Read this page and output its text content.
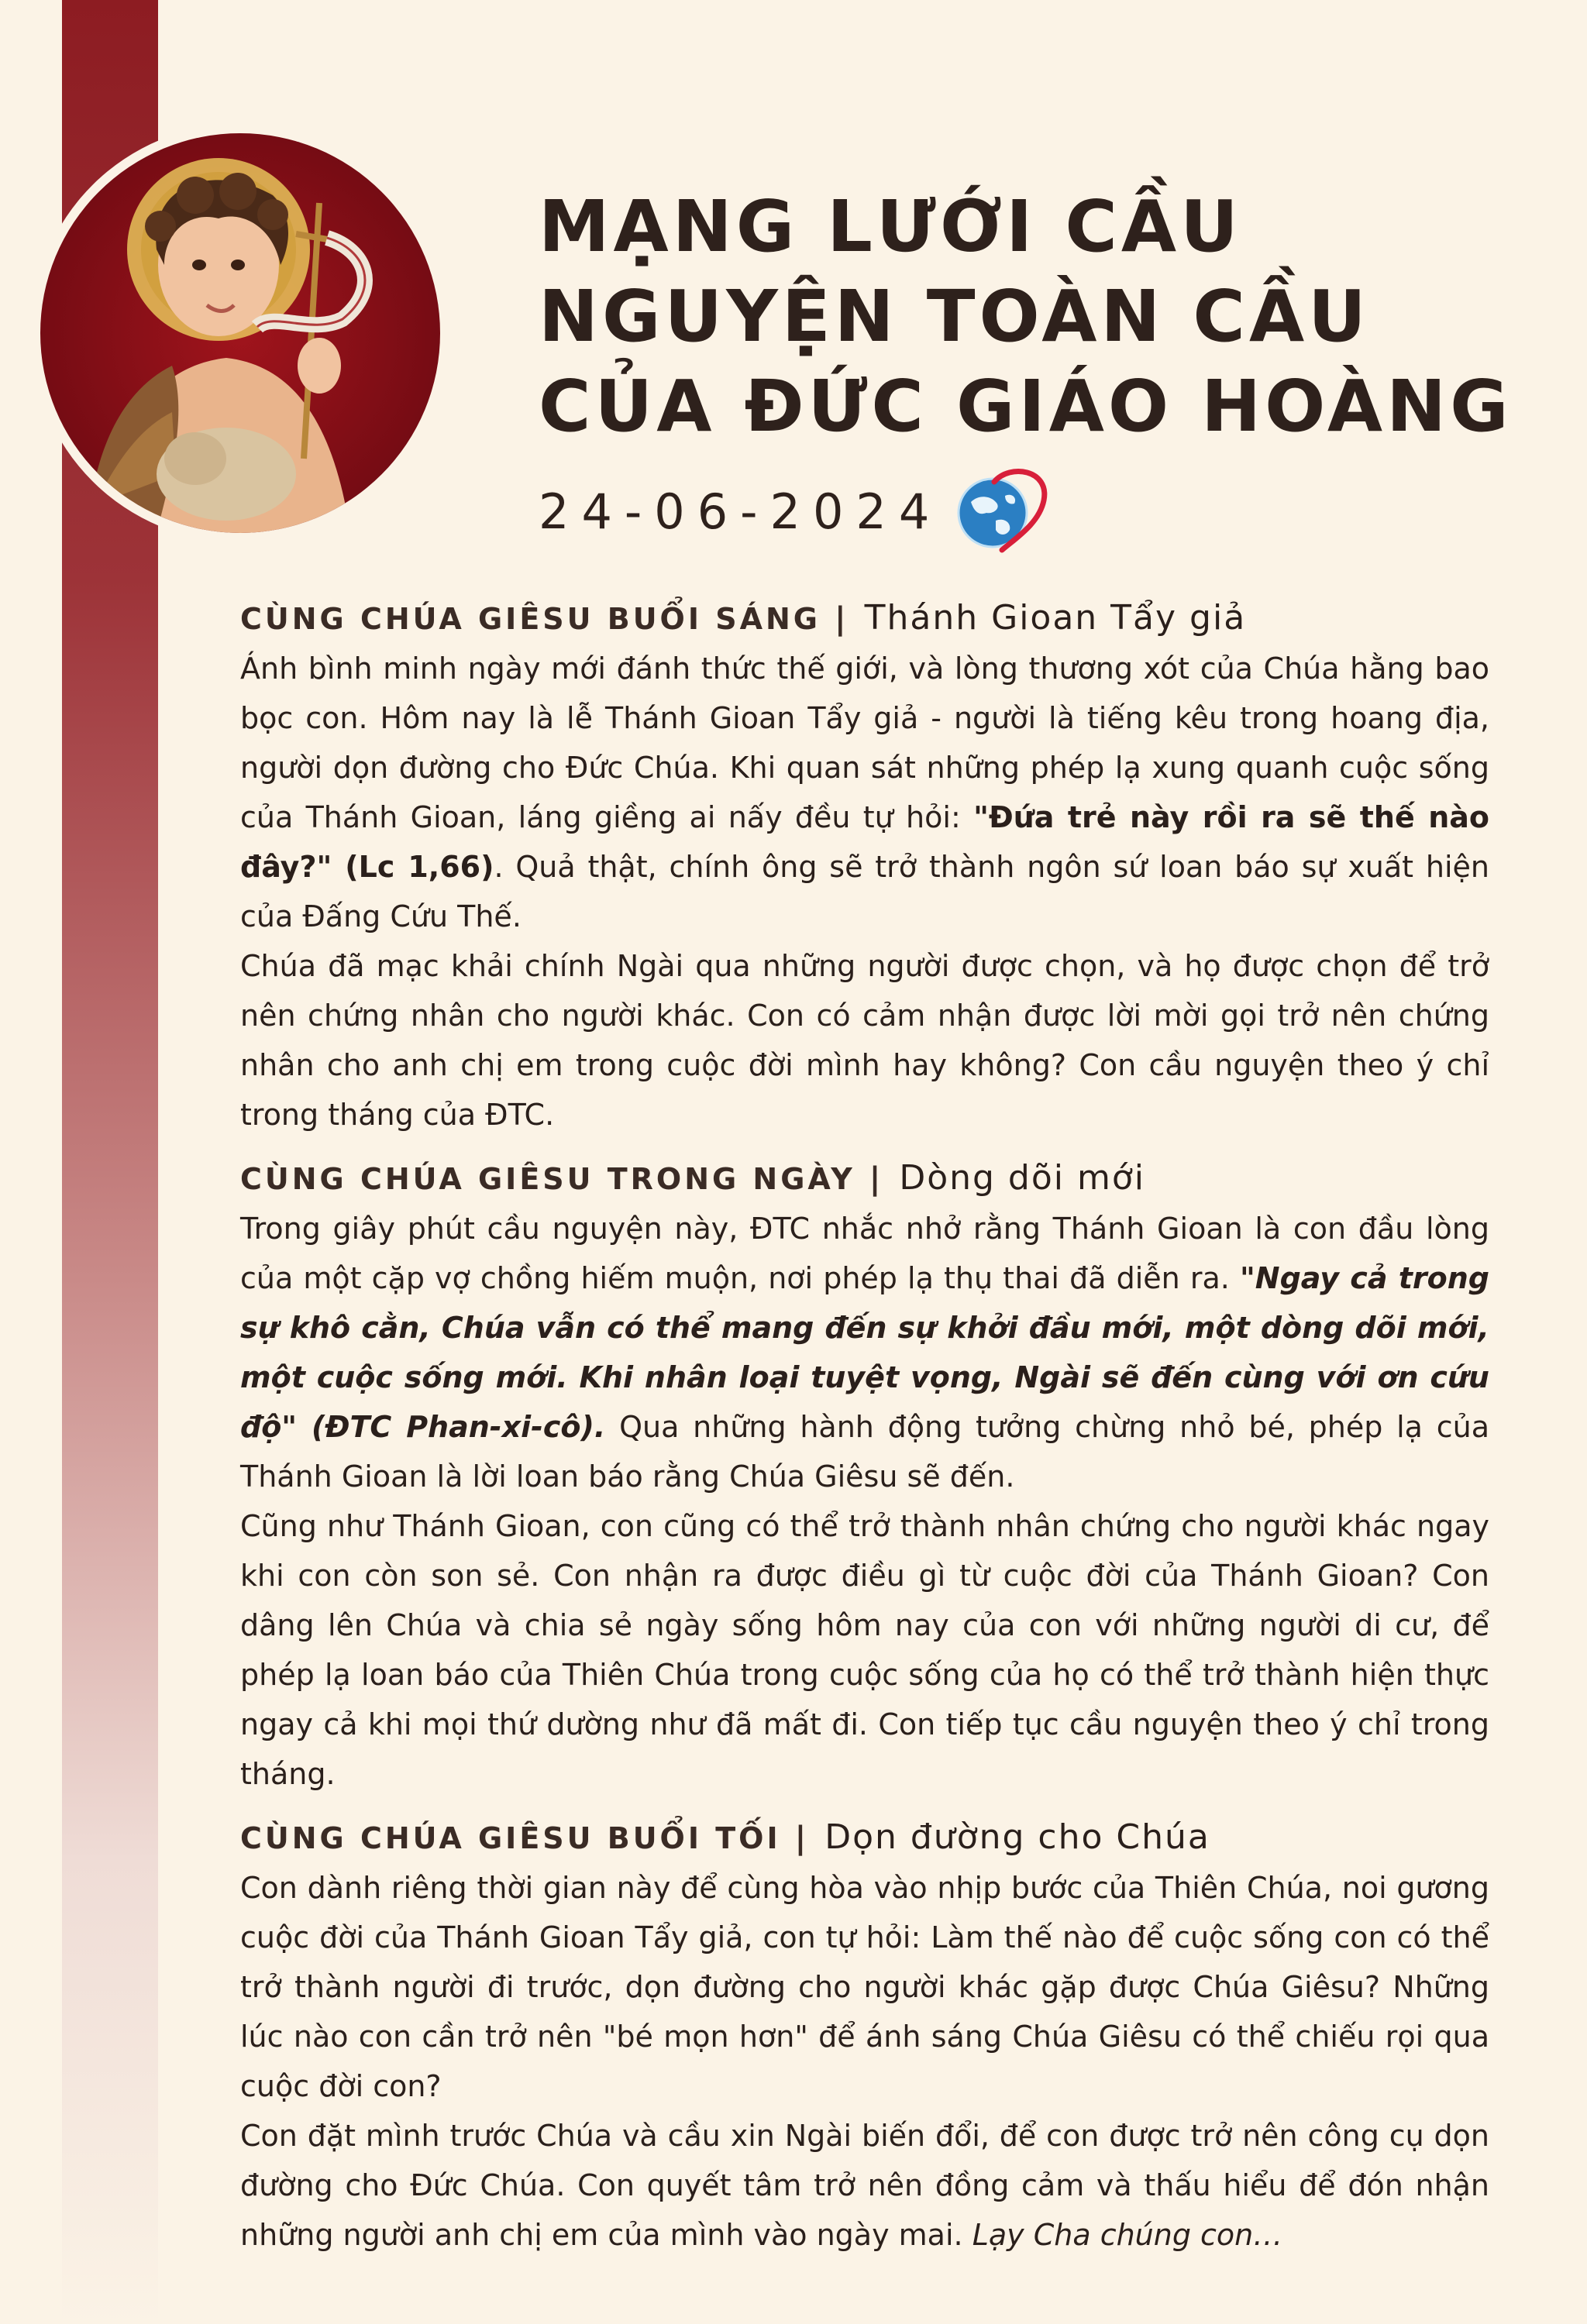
MẠNG LƯỚI CẦU
NGUYỆN TOÀN CẦU
CỦA ĐỨC GIÁO HOÀNG
24-06-2024
CÙNG CHÚA GIÊSU BUỔI SÁNG | Thánh Gioan Tẩy giả

Ánh bình minh ngày mới đánh thức thế giới, và lòng thương xót của Chúa hằng bao bọc con. Hôm nay là lễ Thánh Gioan Tẩy giả - người là tiếng kêu trong hoang địa, người dọn đường cho Đức Chúa. Khi quan sát những phép lạ xung quanh cuộc sống của Thánh Gioan, láng giềng ai nấy đều tự hỏi: "Đứa trẻ này rồi ra sẽ thế nào đây?" (Lc 1,66). Quả thật, chính ông sẽ trở thành ngôn sứ loan báo sự xuất hiện của Đấng Cứu Thế.

Chúa đã mạc khải chính Ngài qua những người được chọn, và họ được chọn để trở nên chứng nhân cho người khác. Con có cảm nhận được lời mời gọi trở nên chứng nhân cho anh chị em trong cuộc đời mình hay không? Con cầu nguyện theo ý chỉ trong tháng của ĐTC.

CÙNG CHÚA GIÊSU TRONG NGÀY | Dòng dõi mới

Trong giây phút cầu nguyện này, ĐTC nhắc nhở rằng Thánh Gioan là con đầu lòng của một cặp vợ chồng hiếm muộn, nơi phép lạ thụ thai đã diễn ra. "Ngay cả trong sự khô cằn, Chúa vẫn có thể mang đến sự khởi đầu mới, một dòng dõi mới, một cuộc sống mới. Khi nhân loại tuyệt vọng, Ngài sẽ đến cùng với ơn cứu độ" (ĐTC Phan-xi-cô). Qua những hành động tưởng chừng nhỏ bé, phép lạ của Thánh Gioan là lời loan báo rằng Chúa Giêsu sẽ đến.

Cũng như Thánh Gioan, con cũng có thể trở thành nhân chứng cho người khác ngay khi con còn son sẻ. Con nhận ra được điều gì từ cuộc đời của Thánh Gioan? Con dâng lên Chúa và chia sẻ ngày sống hôm nay của con với những người di cư, để phép lạ loan báo của Thiên Chúa trong cuộc sống của họ có thể trở thành hiện thực ngay cả khi mọi thứ dường như đã mất đi. Con tiếp tục cầu nguyện theo ý chỉ trong tháng.

CÙNG CHÚA GIÊSU BUỔI TỐI | Dọn đường cho Chúa

Con dành riêng thời gian này để cùng hòa vào nhịp bước của Thiên Chúa, noi gương cuộc đời của Thánh Gioan Tẩy giả, con tự hỏi: Làm thế nào để cuộc sống con có thể trở thành người đi trước, dọn đường cho người khác gặp được Chúa Giêsu? Những lúc nào con cần trở nên "bé mọn hơn" để ánh sáng Chúa Giêsu có thể chiếu rọi qua cuộc đời con?

Con đặt mình trước Chúa và cầu xin Ngài biến đổi, để con được trở nên công cụ dọn đường cho Đức Chúa. Con quyết tâm trở nên đồng cảm và thấu hiểu để đón nhận những người anh chị em của mình vào ngày mai. Lạy Cha chúng con…
